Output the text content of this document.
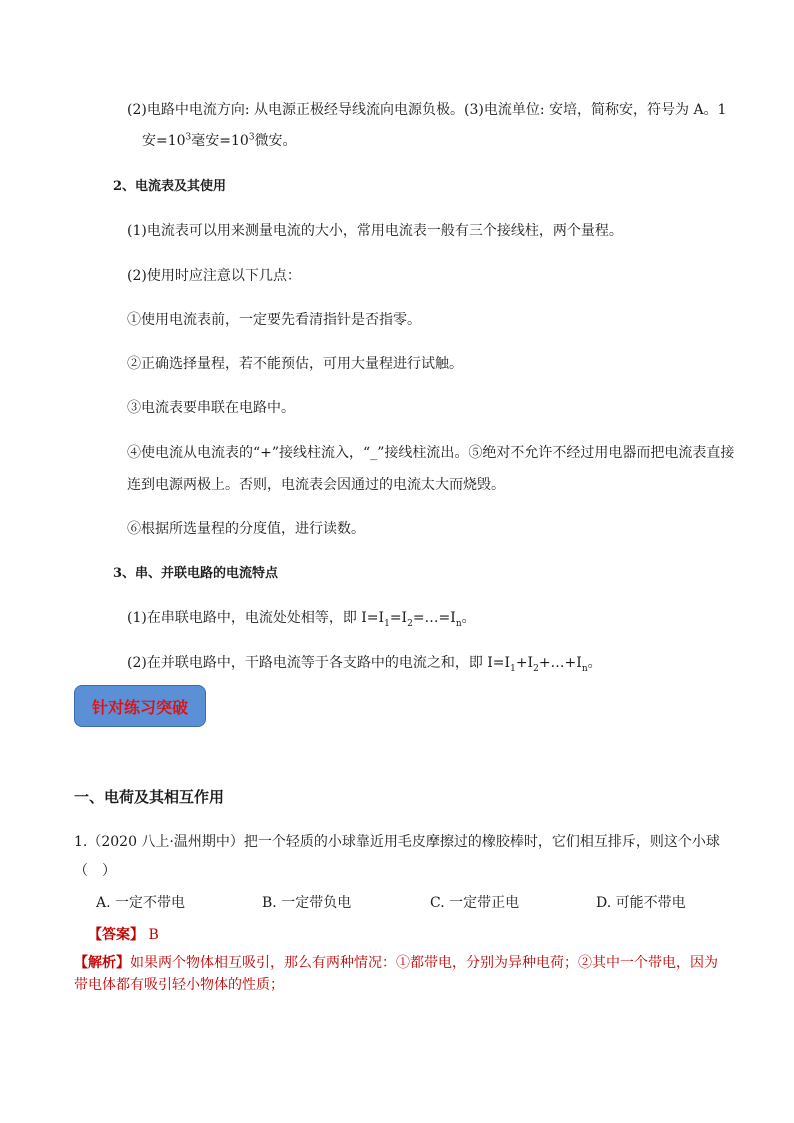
(2)电路中电流方向: 从电源正极经导线流向电源负极。(3)电流单位: 安培，简称安，符号为 A。1
安$=10^3$毫安$=10^3$微安。
2、电流表及其使用
(1)电流表可以用来测量电流的大小，常用电流表一般有三个接线柱，两个量程。
(2)使用时应注意以下几点：
①使用电流表前，一定要先看清指针是否指零。
②正确选择量程，若不能预估，可用大量程进行试触。
③电流表要串联在电路中。
④使电流从电流表的“+”接线柱流入，“_”接线柱流出。⑤绝对不允许不经过用电器而把电流表直接
连到电源两极上。否则，电流表会因通过的电流太大而烧毁。
⑥根据所选量程的分度值，进行读数。
3、串、并联电路的电流特点
(1)在串联电路中，电流处处相等，即 $I=I_1=I_2=\dots=I_n$。
(2)在并联电路中，干路电流等于各支路中的电流之和，即 $I=I_1+I_2+\dots+I_n$。
针对练习突破
一、电荷及其相互作用
1.（2020 八上·温州期中）把一个轻质的小球靠近用毛皮摩擦过的橡胶棒时，它们相互排斥，则这个小球
（　）
A. 一定不带电	B. 一定带负电	C. 一定带正电	D. 可能不带电
【答案】 B
【解析】如果两个物体相互吸引，那么有两种情况：①都带电，分别为异种电荷；②其中一个带电，因为
带电体都有吸引轻小物体的性质；
